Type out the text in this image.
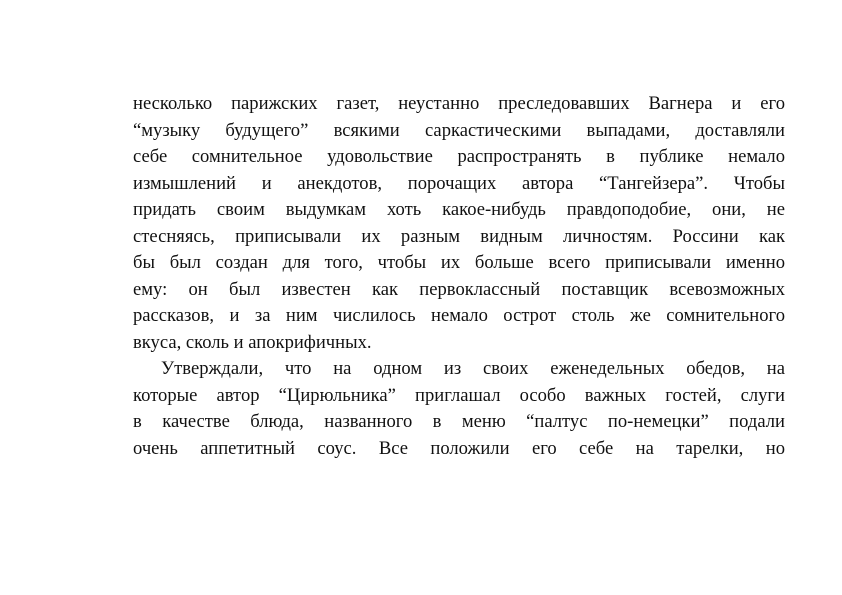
несколько парижских газет, неустанно преследовавших Вагнера и его
“музыку будущего” всякими саркастическими выпадами, доставляли
себе сомнительное удовольствие распространять в публике немало
измышлений и анекдотов, порочащих автора “Тангейзера”. Чтобы
придать своим выдумкам хоть какое-нибудь правдоподобие, они, не
стесняясь, приписывали их разным видным личностям. Россини как
бы был создан для того, чтобы их больше всего приписывали именно
ему: он был известен как первоклассный поставщик всевозможных
рассказов, и за ним числилось немало острот столь же сомнительного
вкуса, сколь и апокрифичных.
Утверждали, что на одном из своих еженедельных обедов, на
которые автор “Цирюльника” приглашал особо важных гостей, слуги
в качестве блюда, названного в меню “палтус по-немецки” подали
очень аппетитный соус. Все положили его себе на тарелки, но
